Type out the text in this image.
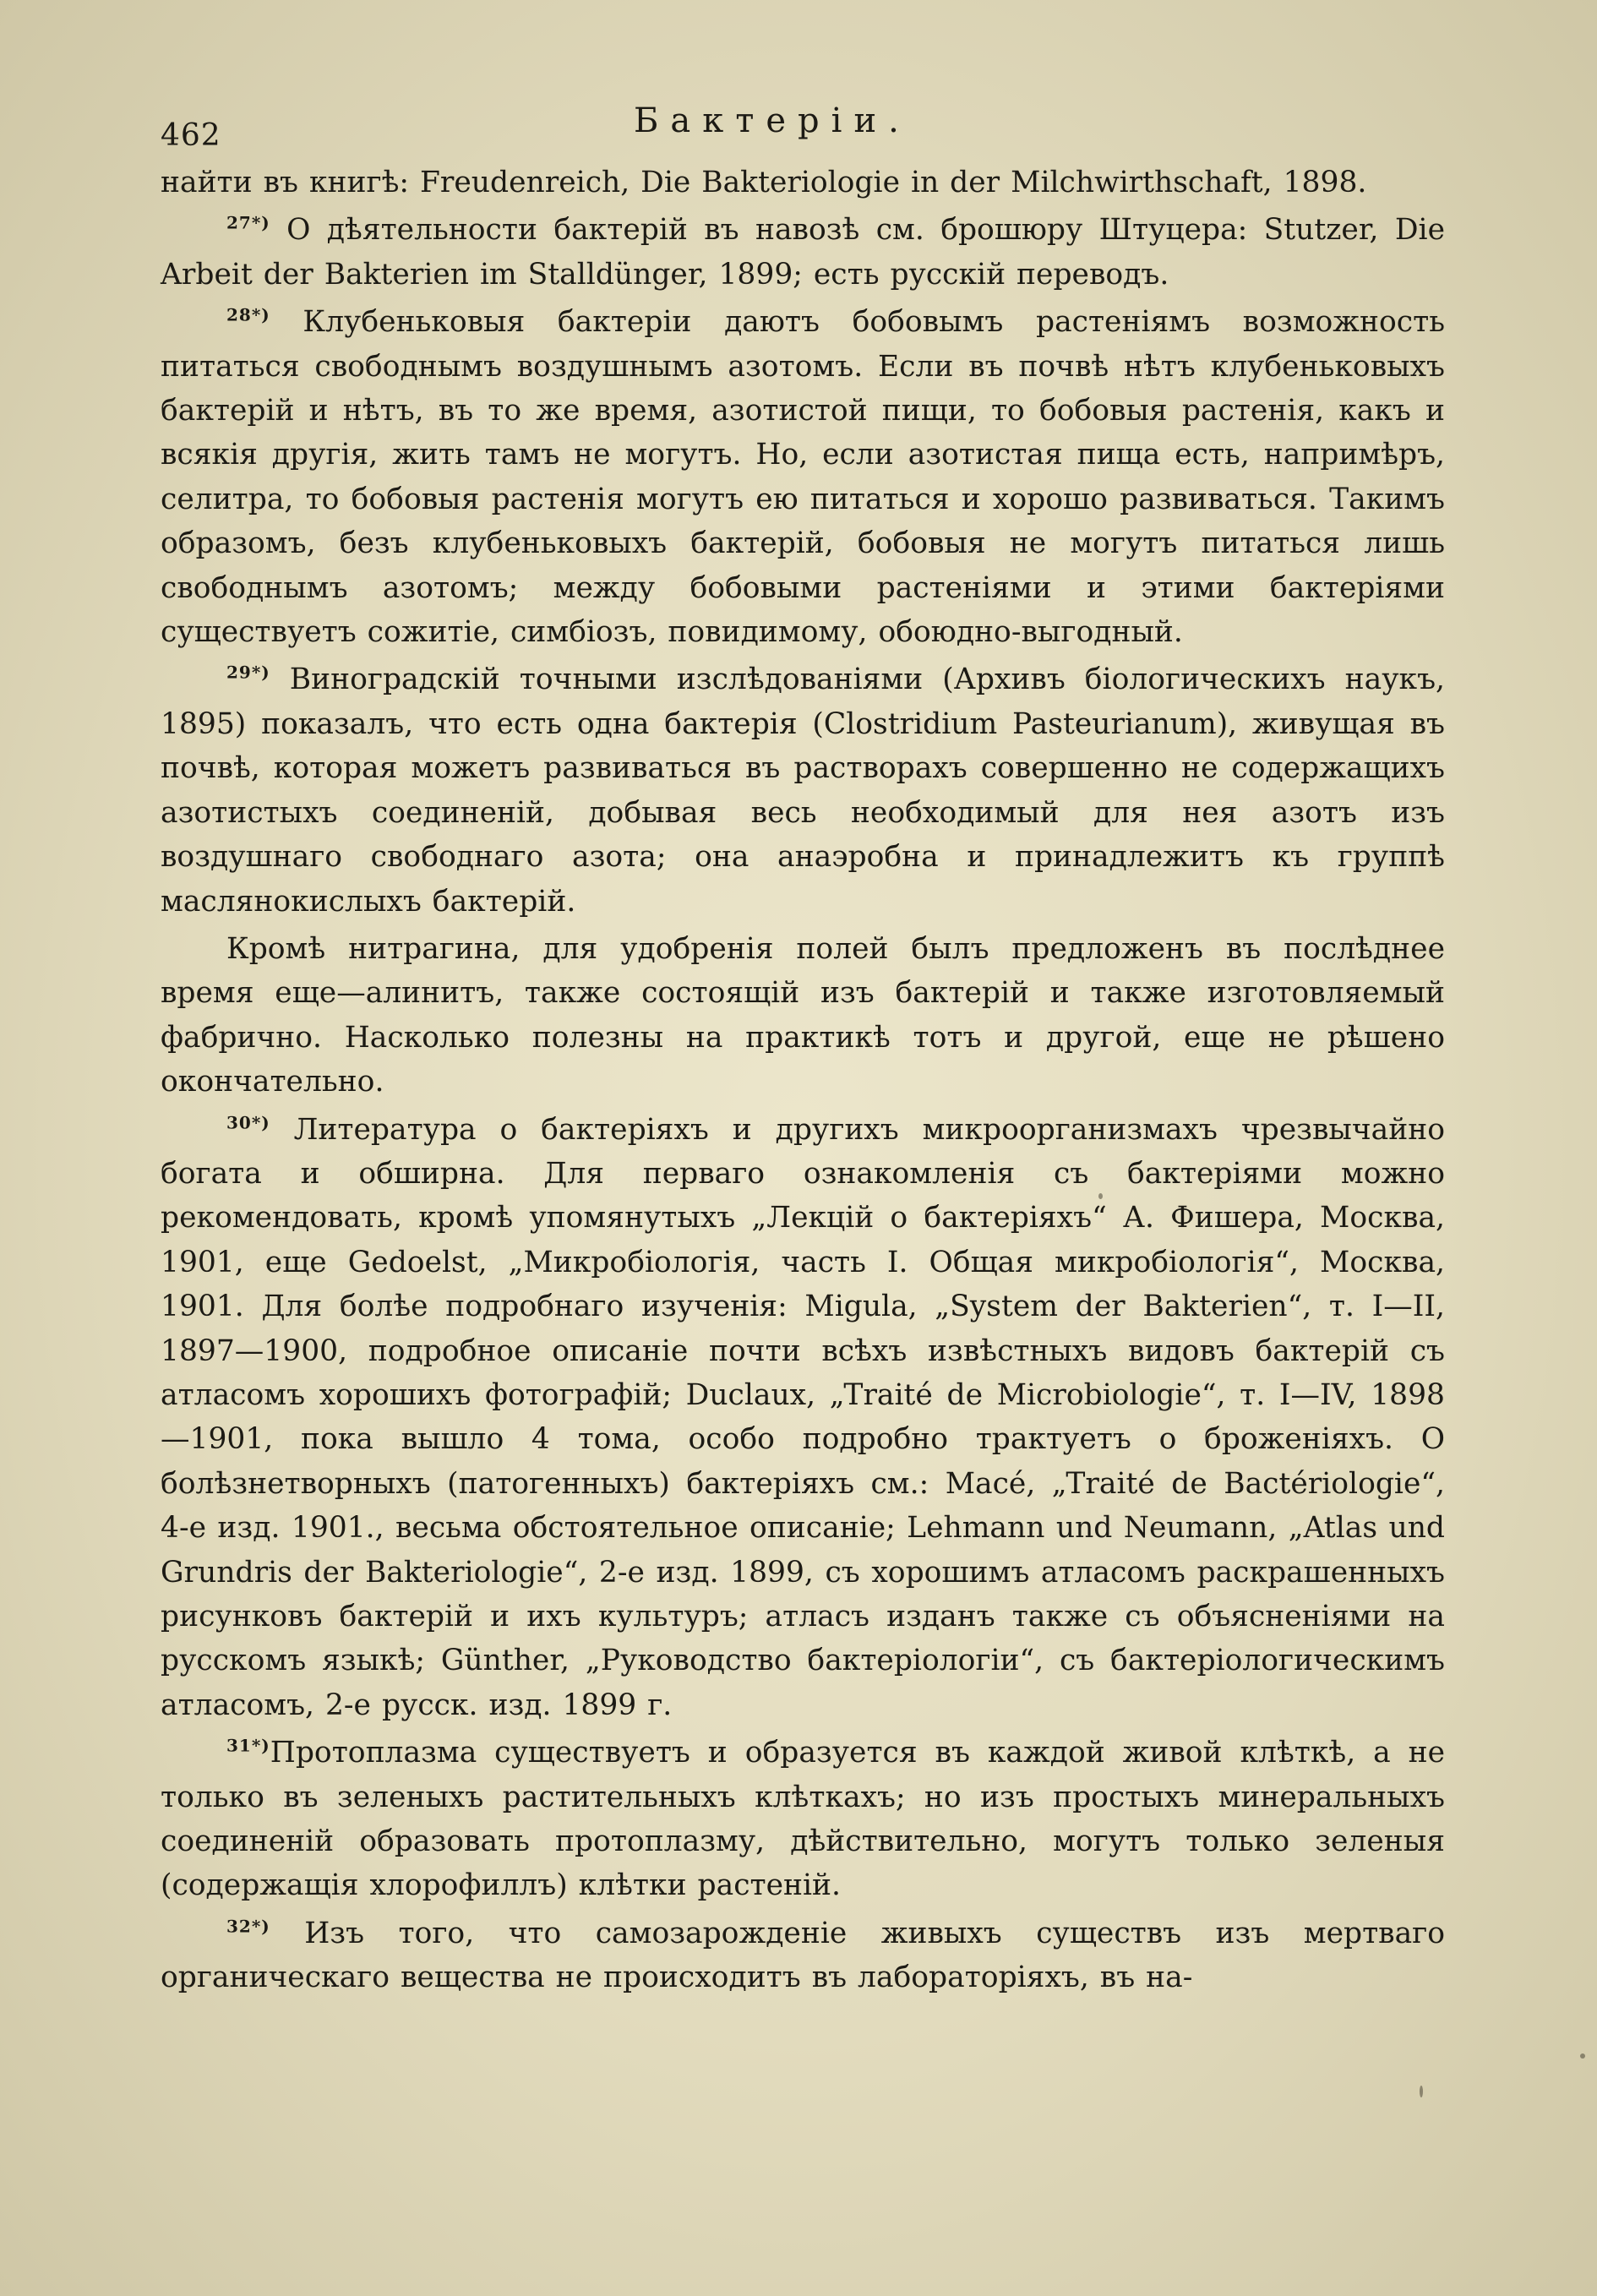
462	Бактеріи.

найти въ книгѣ: Freudenreich, Die Bakteriologie in der Milchwirthschaft, 1898.

$^{27*)}$ О дѣятельности бактерій въ навозѣ см. брошюру Штуцера: Stutzer, Die Arbeit der Bakterien im Stalldünger, 1899; есть русскій переводъ.

$^{28*)}$ Клубеньковыя бактеріи даютъ бобовымъ растеніямъ возможность питаться свободнымъ воздушнымъ азотомъ. Если въ почвѣ нѣтъ клубеньковыхъ бактерій и нѣтъ, въ то же время, азотистой пищи, то бобовыя растенія, какъ и всякія другія, жить тамъ не могутъ. Но, если азотистая пища есть, напримѣръ, селитра, то бобовыя растенія могутъ ею питаться и хорошо развиваться. Такимъ образомъ, безъ клубеньковыхъ бактерій, бобовыя не могутъ питаться лишь свободнымъ азотомъ; между бобовыми растеніями и этими бактеріями существуетъ сожитіе, симбіозъ, повидимому, обоюдно-выгодный.

$^{29*)}$ Виноградскій точными изслѣдованіями (Архивъ біологическихъ наукъ, 1895) показалъ, что есть одна бактерія (Clostridium Pasteurianum), живущая въ почвѣ, которая можетъ развиваться въ растворахъ совершенно не содержащихъ азотистыхъ соединеній, добывая весь необходимый для нея азотъ изъ воздушнаго свободнаго азота; она анаэробна и принадлежитъ къ группѣ маслянокислыхъ бактерій.

Кромѣ нитрагина, для удобренія полей былъ предложенъ въ послѣднее время еще—алинитъ, также состоящій изъ бактерій и также изготовляемый фабрично. Насколько полезны на практикѣ тотъ и другой, еще не рѣшено окончательно.

$^{30*)}$ Литература о бактеріяхъ и другихъ микроорганизмахъ чрезвычайно богата и обширна. Для перваго ознакомленія съ бактеріями можно рекомендовать, кромѣ упомянутыхъ „Лекцій о бактеріяхъ“ А. Фишера, Москва, 1901, еще Gedoelst, „Микробіологія, часть I. Общая микробіологія“, Москва, 1901. Для болѣе подробнаго изученія: Migula, „System der Bakterien“, т. I—II, 1897—1900, подробное описаніе почти всѣхъ извѣстныхъ видовъ бактерій съ атласомъ хорошихъ фотографій; Duclaux, „Traité de Microbiologie“, т. I—IV, 1898—1901, пока вышло 4 тома, особо подробно трактуетъ о броженіяхъ. О болѣзнетворныхъ (патогенныхъ) бактеріяхъ см.: Macé, „Traité de Bactériologie“, 4-е изд. 1901., весьма обстоятельное описаніе; Lehmann und Neumann, „Atlas und Grundris der Bakteriologie“, 2-е изд. 1899, съ хорошимъ атласомъ раскрашенныхъ рисунковъ бактерій и ихъ культуръ; атласъ изданъ также съ объясненіями на русскомъ языкѣ; Günther, „Руководство бактеріологіи“, съ бактеріологическимъ атласомъ, 2-е русск. изд. 1899 г.

$^{31*)}$Протоплазма существуетъ и образуется въ каждой живой клѣткѣ, а не только въ зеленыхъ растительныхъ клѣткахъ; но изъ простыхъ минеральныхъ соединеній образовать протоплазму, дѣйствительно, могутъ только зеленыя (содержащія хлорофиллъ) клѣтки растеній.

$^{32*)}$ Изъ того, что самозарожденіе живыхъ существъ изъ мертваго органическаго вещества не происходитъ въ лабораторіяхъ, въ на-
